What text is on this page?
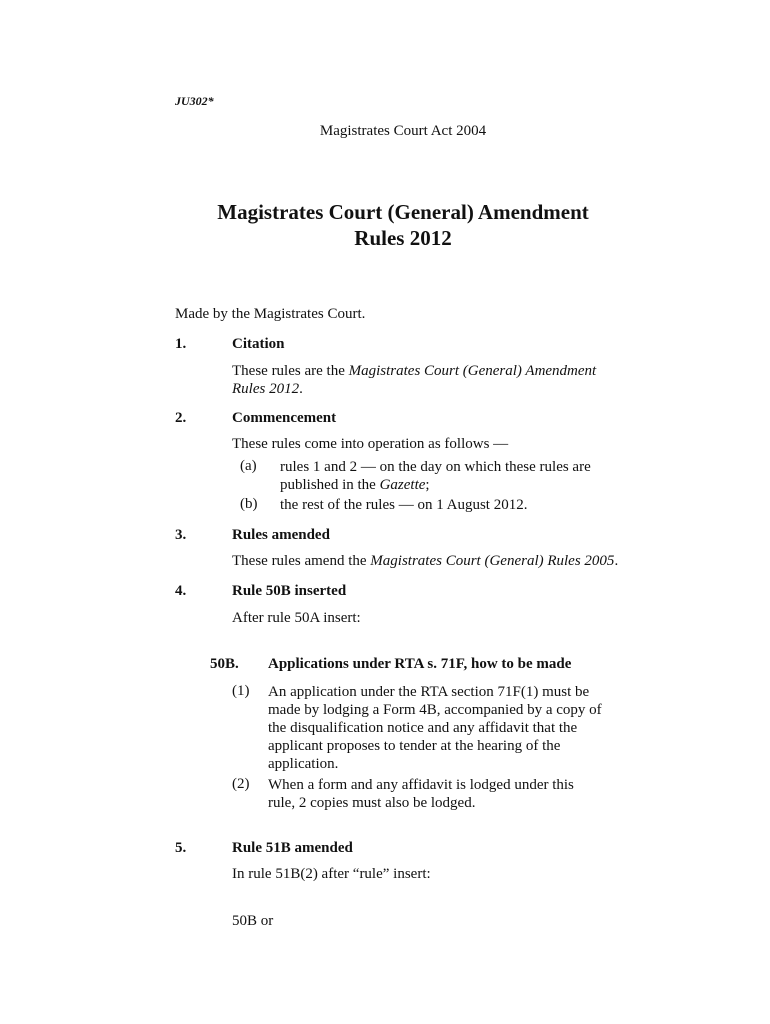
JU302*
Magistrates Court Act 2004
Magistrates Court (General) Amendment
Rules 2012
Made by the Magistrates Court.
1.	Citation
These rules are the Magistrates Court (General) Amendment
Rules 2012.
2.	Commencement
These rules come into operation as follows —
(a) rules 1 and 2 — on the day on which these rules are
published in the Gazette;
(b) the rest of the rules — on 1 August 2012.
3.	Rules amended
These rules amend the Magistrates Court (General) Rules 2005.
4.	Rule 50B inserted
After rule 50A insert:
50B. Applications under RTA s. 71F, how to be made
(1) An application under the RTA section 71F(1) must be
made by lodging a Form 4B, accompanied by a copy of
the disqualification notice and any affidavit that the
applicant proposes to tender at the hearing of the
application.
(2) When a form and any affidavit is lodged under this
rule, 2 copies must also be lodged.
5.	Rule 51B amended
In rule 51B(2) after “rule” insert:
50B or
